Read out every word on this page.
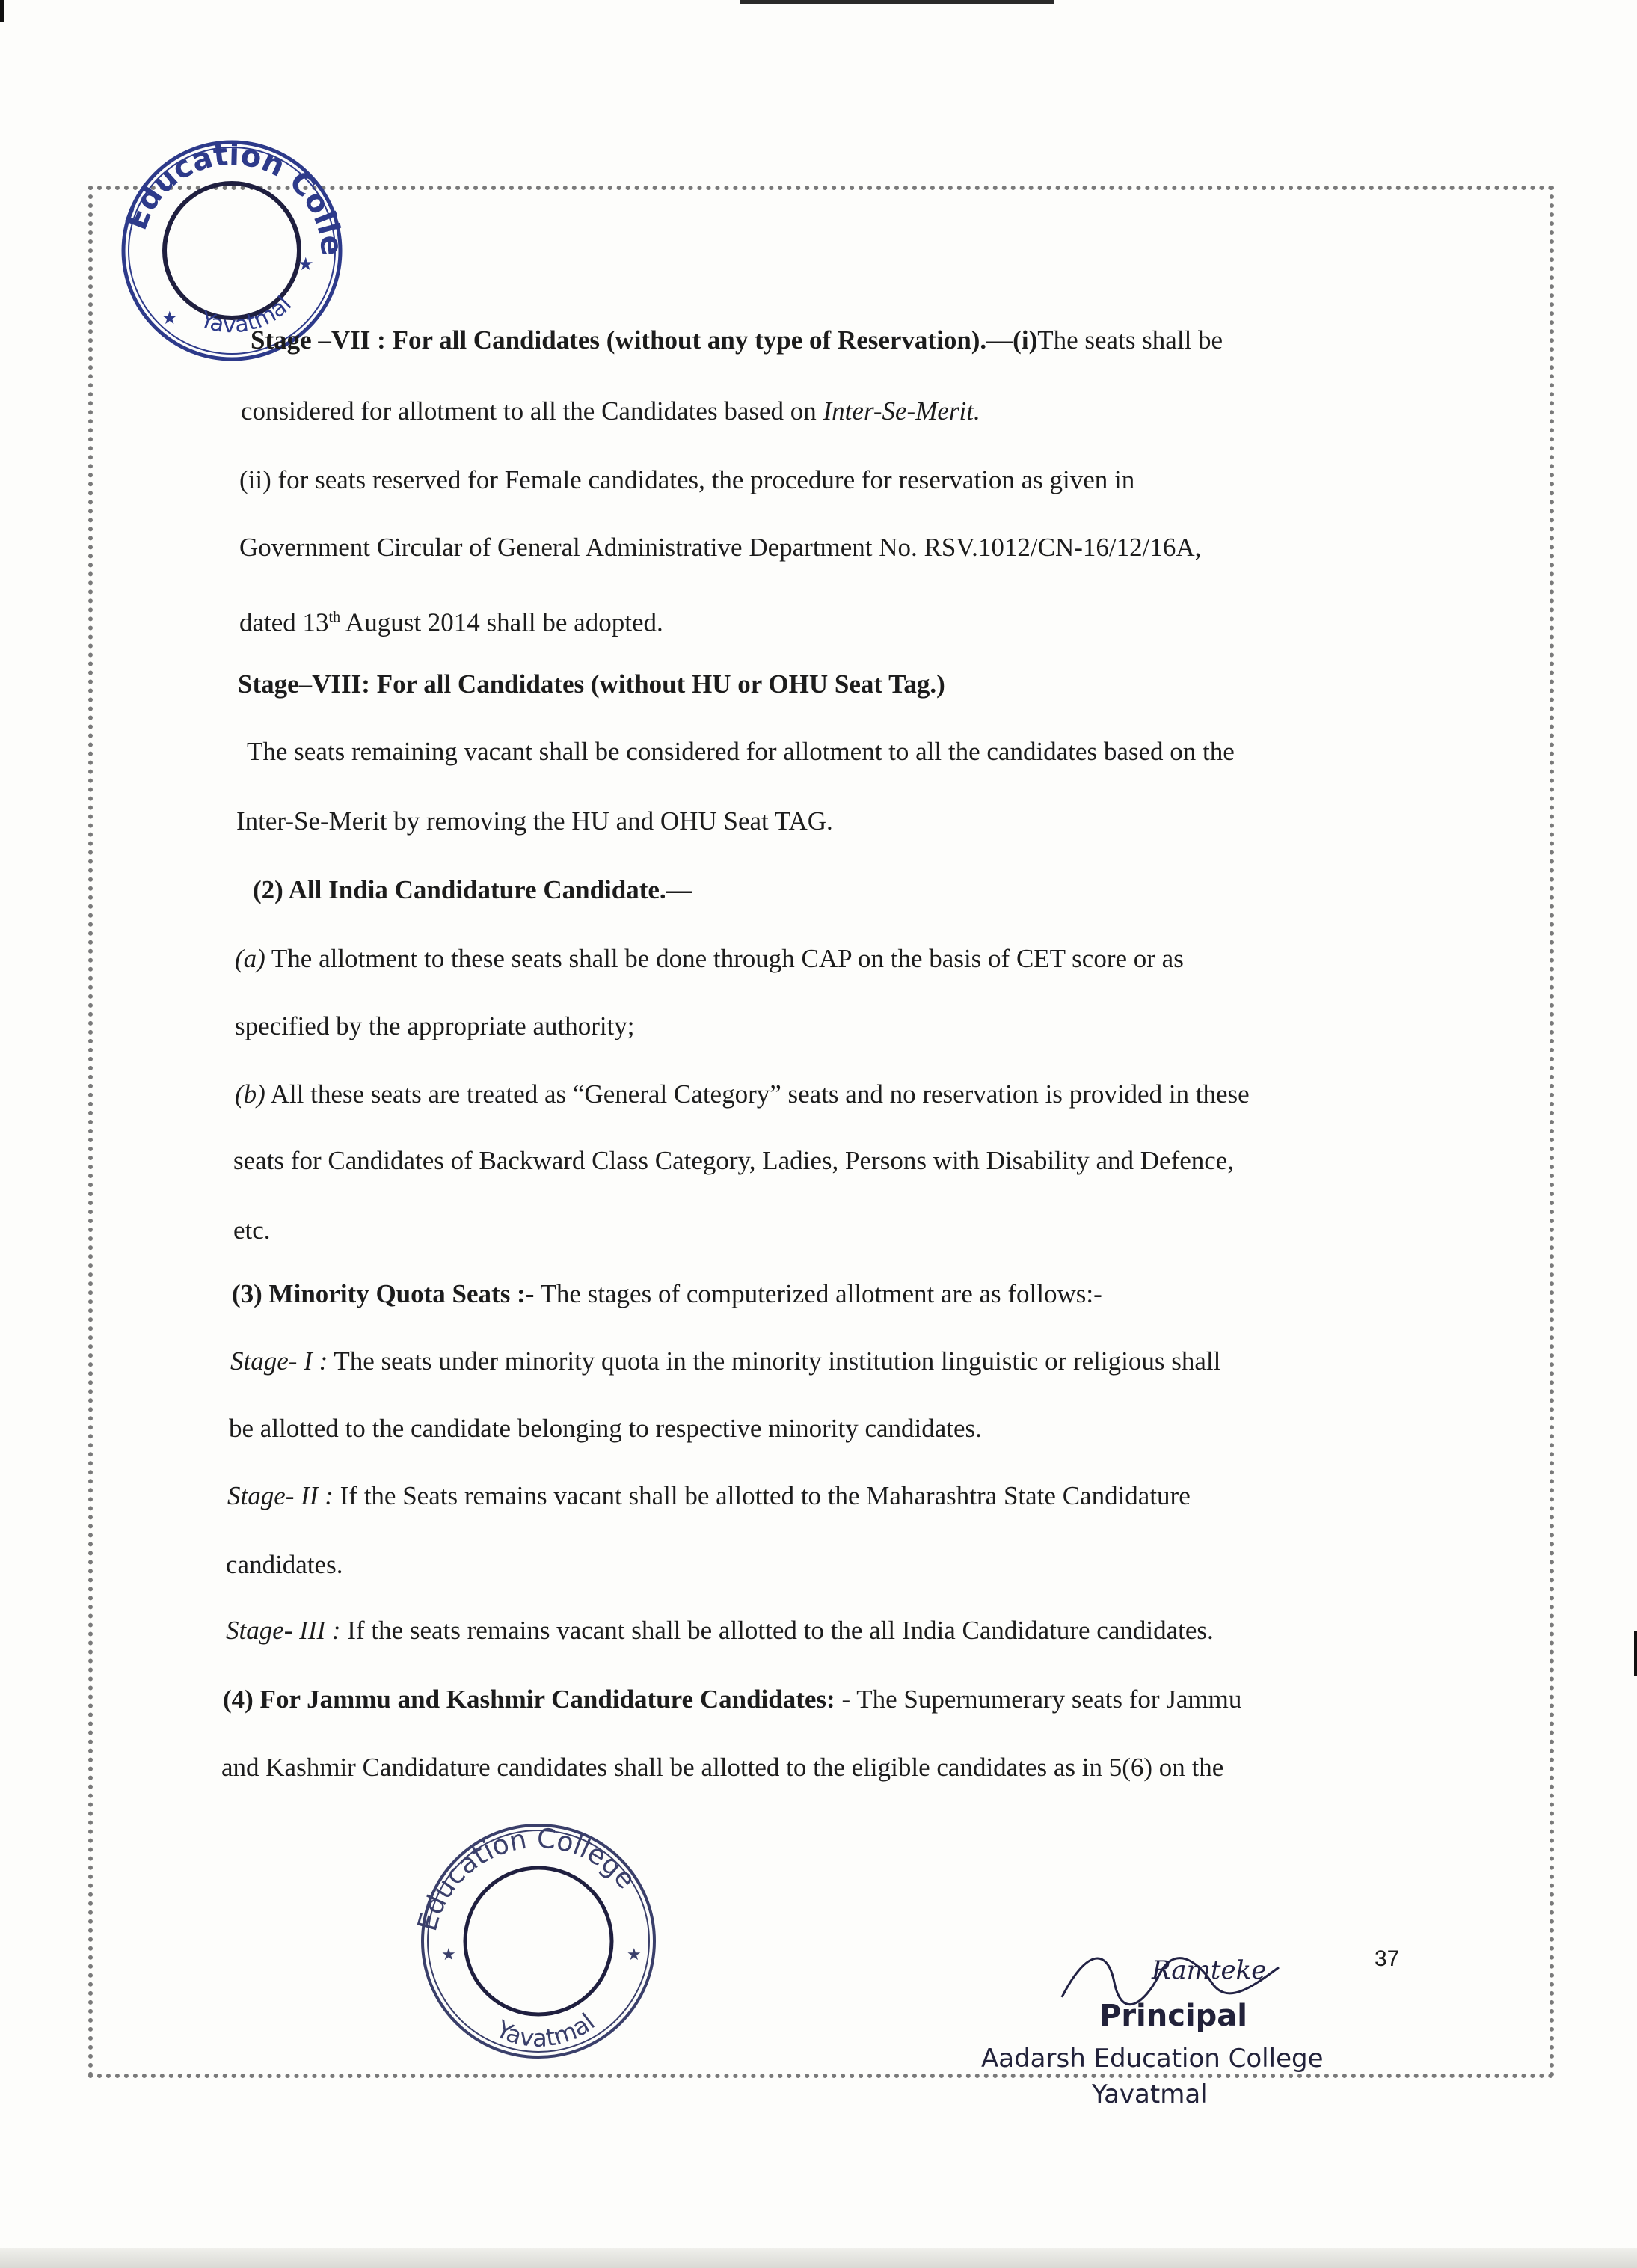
Education Colle
Yavatmal
★
★
Stage –VII : For all Candidates (without any type of Reservation).—(i)The seats shall be
considered for allotment to all the Candidates based on Inter-Se-Merit.
(ii) for seats reserved for Female candidates, the procedure for reservation as given in
Government Circular of General Administrative Department No. RSV.1012/CN-16/12/16A,
dated 13th August 2014 shall be adopted.
Stage–VIII: For all Candidates (without HU or OHU Seat Tag.)
The seats remaining vacant shall be considered for allotment to all the candidates based on the
Inter-Se-Merit by removing the HU and OHU Seat TAG.
(2) All India Candidature Candidate.—
(a) The allotment to these seats shall be done through CAP on the basis of CET score or as
specified by the appropriate authority;
(b) All these seats are treated as “General Category” seats and no reservation is provided in these
seats for Candidates of Backward Class Category, Ladies, Persons with Disability and Defence,
etc.
(3) Minority Quota Seats :- The stages of computerized allotment are as follows:-
Stage- I : The seats under minority quota in the minority institution linguistic or religious shall
be allotted to the candidate belonging to respective minority candidates.
Stage- II : If the Seats remains vacant shall be allotted to the Maharashtra State Candidature
candidates.
Stage- III : If the seats remains vacant shall be allotted to the all India Candidature candidates.
(4) For Jammu and Kashmir Candidature Candidates: - The Supernumerary seats for Jammu
and Kashmir Candidature candidates shall be allotted to the eligible candidates as in 5(6) on the
Education College
Yavatmal
★	★	37
Ramteke
Principal
Aadarsh Education College
Yavatmal
